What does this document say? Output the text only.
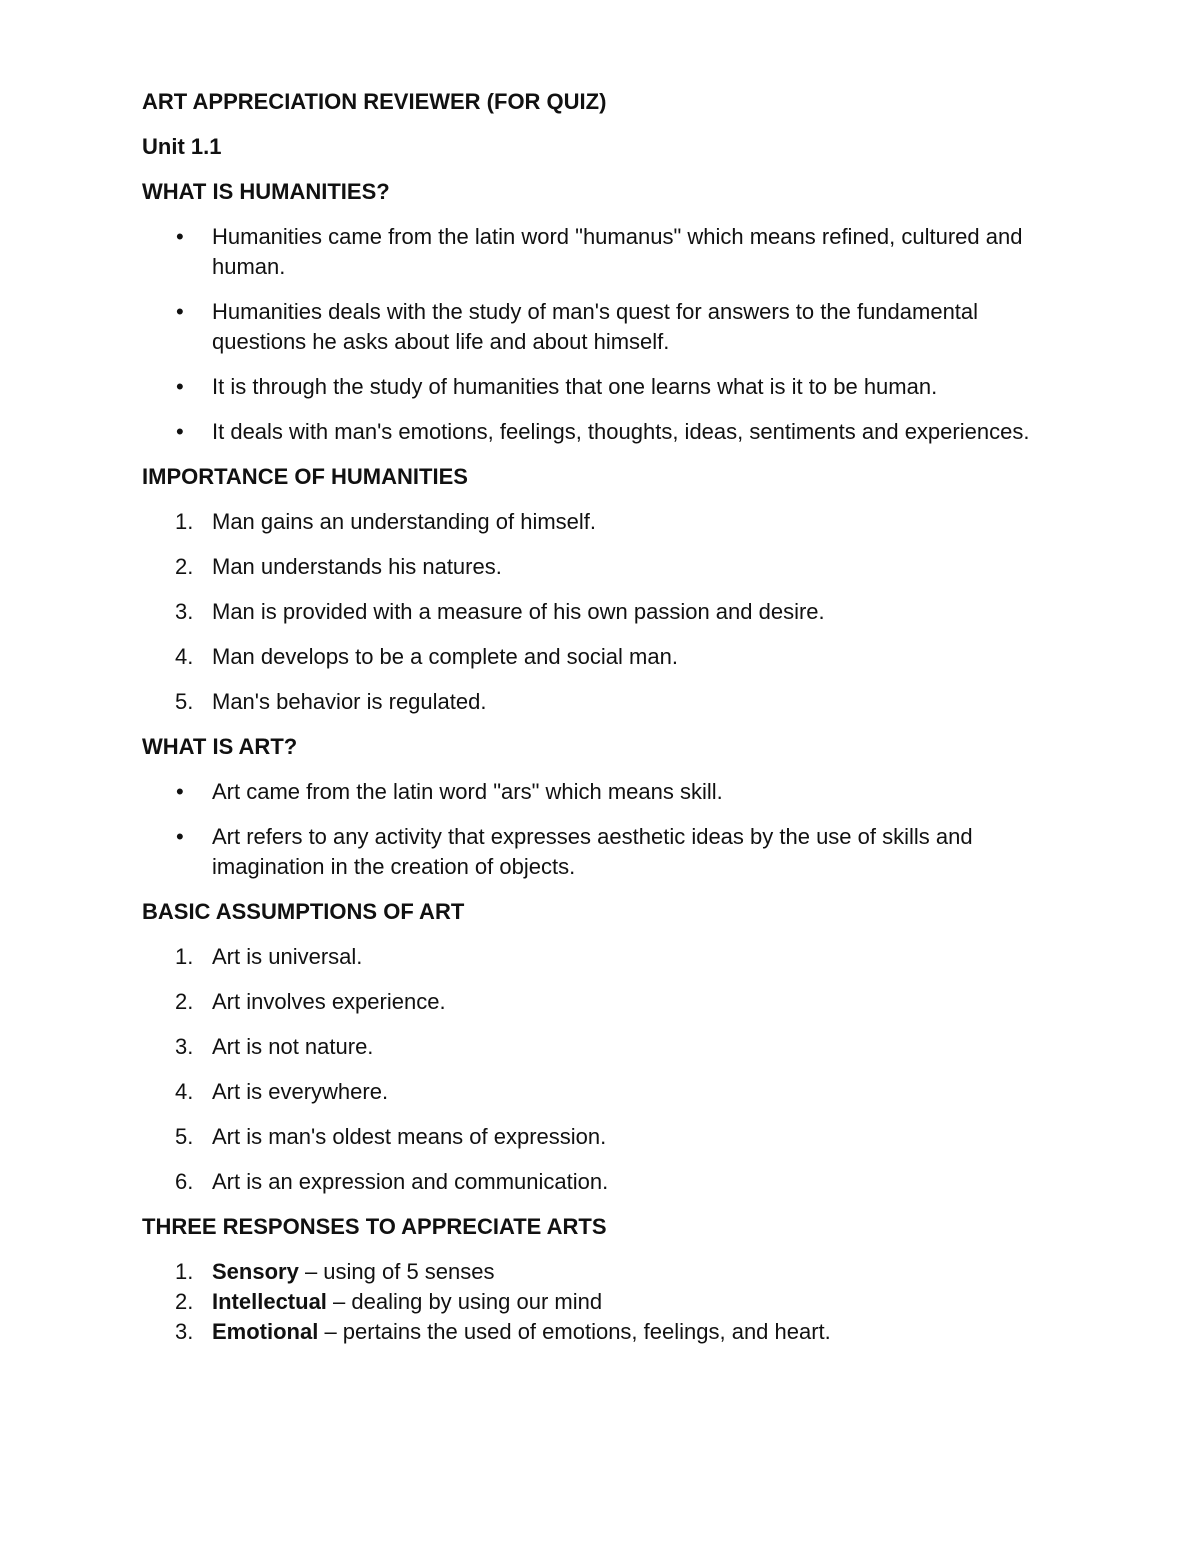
ART APPRECIATION REVIEWER (FOR QUIZ)

Unit 1.1

WHAT IS HUMANITIES?

• Humanities came from the latin word "humanus" which means refined, cultured and human.
• Humanities deals with the study of man's quest for answers to the fundamental questions he asks about life and about himself.
• It is through the study of humanities that one learns what is it to be human.
• It deals with man's emotions, feelings, thoughts, ideas, sentiments and experiences.

IMPORTANCE OF HUMANITIES

1. Man gains an understanding of himself.
2. Man understands his natures.
3. Man is provided with a measure of his own passion and desire.
4. Man develops to be a complete and social man.
5. Man's behavior is regulated.

WHAT IS ART?

• Art came from the latin word "ars" which means skill.
• Art refers to any activity that expresses aesthetic ideas by the use of skills and imagination in the creation of objects.

BASIC ASSUMPTIONS OF ART

1. Art is universal.
2. Art involves experience.
3. Art is not nature.
4. Art is everywhere.
5. Art is man's oldest means of expression.
6. Art is an expression and communication.

THREE RESPONSES TO APPRECIATE ARTS

1. Sensory – using of 5 senses
2. Intellectual – dealing by using our mind
3. Emotional – pertains the used of emotions, feelings, and heart.
